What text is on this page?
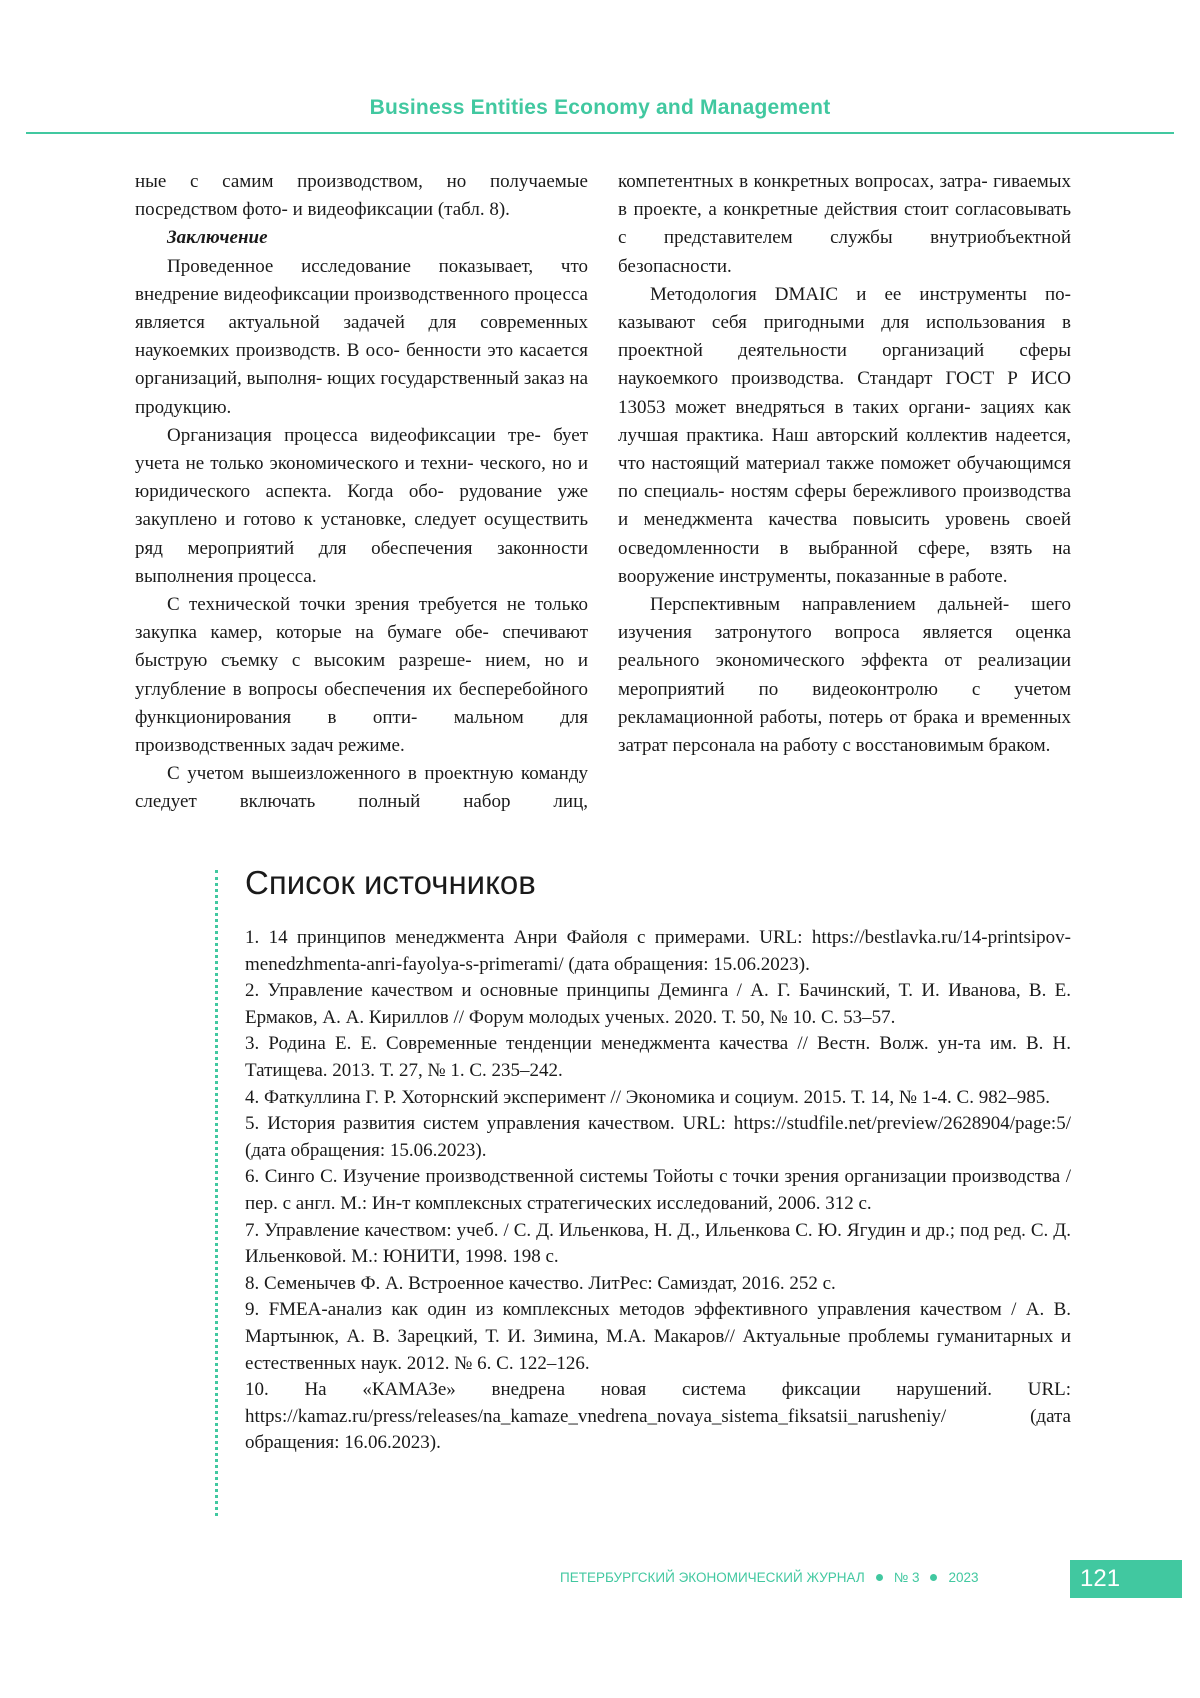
Business Entities Economy and Management

ные с самим производством, но получаемые посредством фото- и видеофиксации (табл. 8).

Заключение

Проведенное исследование показывает, что внедрение видеофиксации производственного процесса является актуальной задачей для современных наукоемких производств. В осо- бенности это касается организаций, выполня- ющих государственный заказ на продукцию.

Организация процесса видеофиксации тре- бует учета не только экономического и техни- ческого, но и юридического аспекта. Когда обо- рудование уже закуплено и готово к установке, следует осуществить ряд мероприятий для обеспечения законности выполнения процесса.

С технической точки зрения требуется не только закупка камер, которые на бумаге обе- спечивают быструю съемку с высоким разреше- нием, но и углубление в вопросы обеспечения их бесперебойного функционирования в опти- мальном для производственных задач режиме.

С учетом вышеизложенного в проектную команду следует включать полный набор лиц,

компетентных в конкретных вопросах, затра- гиваемых в проекте, а конкретные действия стоит согласовывать с представителем службы внутриобъектной безопасности.

Методология DMAIC и ее инструменты по- казывают себя пригодными для использования в проектной деятельности организаций сферы наукоемкого производства. Стандарт ГОСТ Р ИСО 13053 может внедряться в таких органи- зациях как лучшая практика. Наш авторский коллектив надеется, что настоящий материал также поможет обучающимся по специаль- ностям сферы бережливого производства и менеджмента качества повысить уровень своей осведомленности в выбранной сфере, взять на вооружение инструменты, показанные в работе.

Перспективным направлением дальней- шего изучения затронутого вопроса является оценка реального экономического эффекта от реализации мероприятий по видеоконтролю с учетом рекламационной работы, потерь от брака и временных затрат персонала на работу с восстановимым браком.

Список источников

1. 14 принципов менеджмента Анри Файоля с примерами. URL: https://bestlavka.ru/14-printsipov-menedzhmenta-anri-fayolya-s-primerami/ (дата обращения: 15.06.2023).

2. Управление качеством и основные принципы Деминга / А. Г. Бачинский, Т. И. Иванова, В. Е. Ермаков, А. А. Кириллов // Форум молодых ученых. 2020. Т. 50, № 10. С. 53–57.

3. Родина Е. Е. Современные тенденции менеджмента качества // Вестн. Волж. ун-та им. В. Н. Татищева. 2013. Т. 27, № 1. С. 235–242.

4. Фаткуллина Г. Р. Хоторнский эксперимент // Экономика и социум. 2015. Т. 14, № 1-4. С. 982–985.

5. История развития систем управления качеством. URL: https://studfile.net/preview/2628904/page:5/ (дата обращения: 15.06.2023).

6. Синго С. Изучение производственной системы Тойоты с точки зрения организации производства / пер. с англ. М.: Ин-т комплексных стратегических исследований, 2006. 312 с.

7. Управление качеством: учеб. / С. Д. Ильенкова, Н. Д., Ильенкова С. Ю. Ягудин и др.; под ред. С. Д. Ильенковой. М.: ЮНИТИ, 1998. 198 с.

8. Семенычев Ф. А. Встроенное качество. ЛитРес: Самиздат, 2016. 252 с.

9. FMEA-анализ как один из комплексных методов эффективного управления качеством / А. В. Мартынюк, А. В. Зарецкий, Т. И. Зимина, М.А. Макаров// Актуальные проблемы гуманитарных и естественных наук. 2012. № 6. С. 122–126.

10. На «КАМАЗе» внедрена новая система фиксации нарушений. URL: https://kamaz.ru/press/releases/na_kamaze_vnedrena_novaya_sistema_fiksatsii_narusheniy/ (дата обращения: 16.06.2023).

ПЕТЕРБУРГСКИЙ ЭКОНОМИЧЕСКИЙ ЖУРНАЛ № 3 2023	121
